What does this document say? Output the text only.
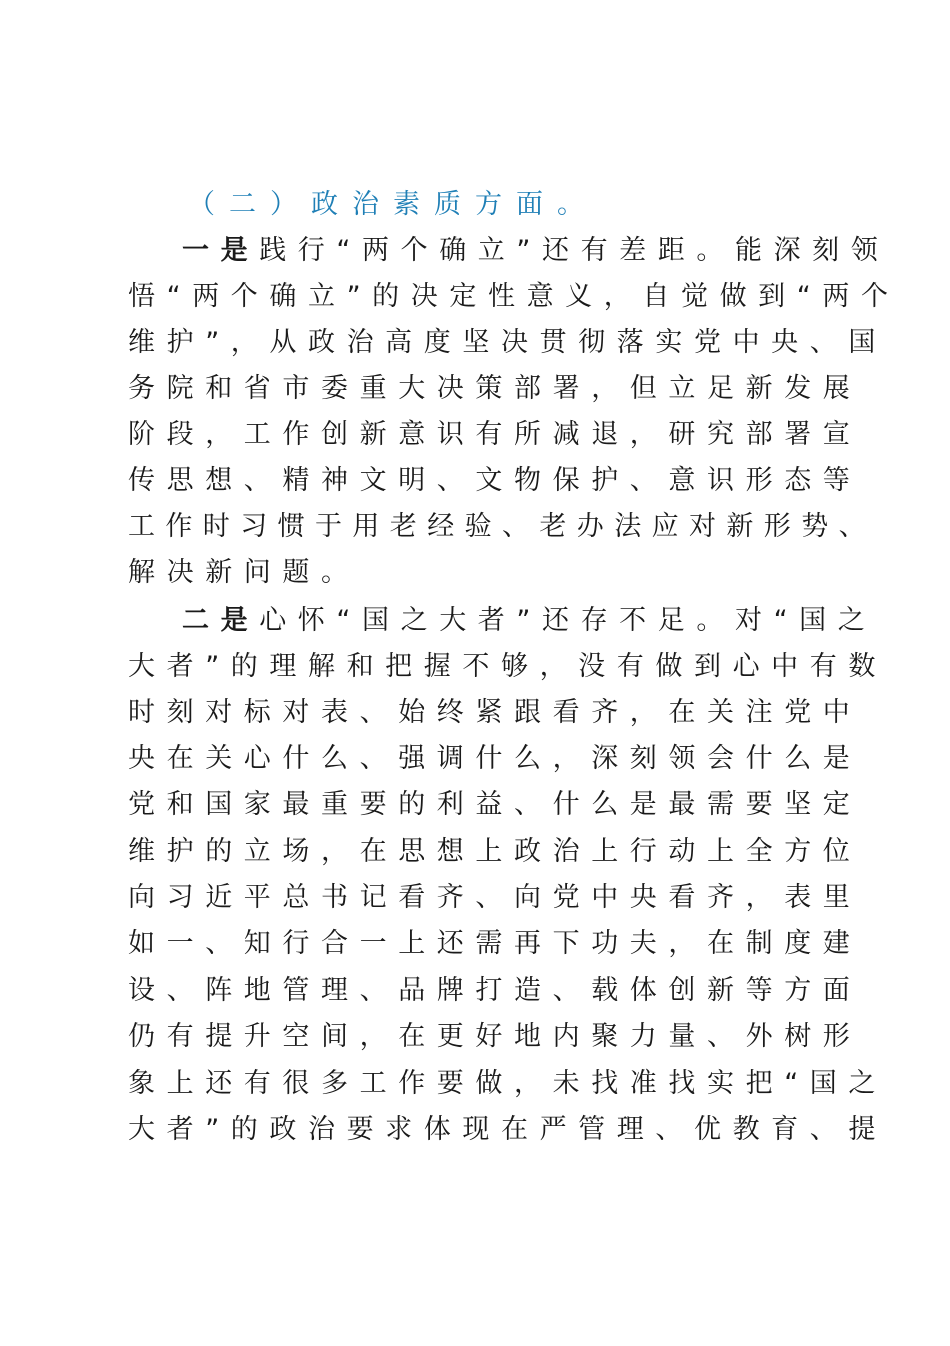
（二）政治素质方面。
一是践行“两个确立”还有差距。能深刻领
悟“两个确立”的决定性意义，自觉做到“两个
维护”，从政治高度坚决贯彻落实党中央、国
务院和省市委重大决策部署，但立足新发展
阶段，工作创新意识有所减退，研究部署宣
传思想、精神文明、文物保护、意识形态等
工作时习惯于用老经验、老办法应对新形势、
解决新问题。
二是心怀“国之大者”还存不足。对“国之
大者”的理解和把握不够，没有做到心中有数
时刻对标对表、始终紧跟看齐，在关注党中
央在关心什么、强调什么，深刻领会什么是
党和国家最重要的利益、什么是最需要坚定
维护的立场，在思想上政治上行动上全方位
向习近平总书记看齐、向党中央看齐，表里
如一、知行合一上还需再下功夫，在制度建
设、阵地管理、品牌打造、载体创新等方面
仍有提升空间，在更好地内聚力量、外树形
象上还有很多工作要做，未找准找实把“国之
大者”的政治要求体现在严管理、优教育、提
